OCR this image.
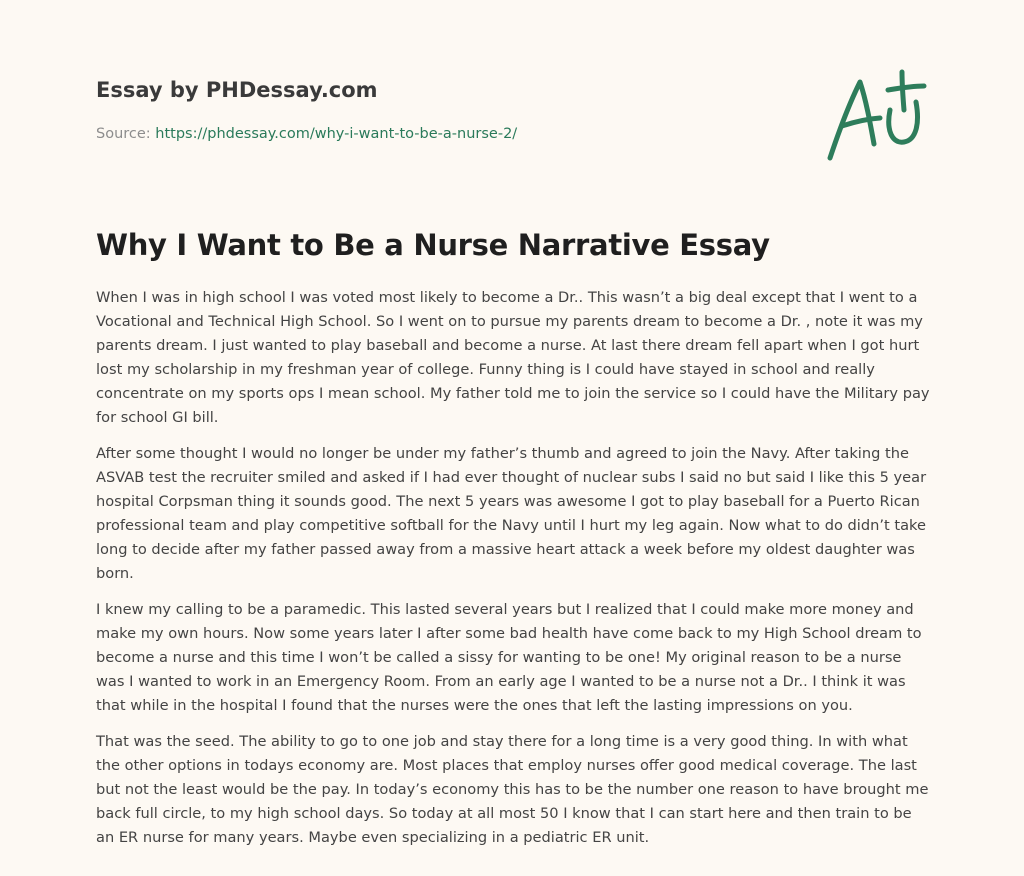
Essay by PHDessay.com
Source: https://phdessay.com/why-i-want-to-be-a-nurse-2/
Why I Want to Be a Nurse Narrative Essay

When I was in high school I was voted most likely to become a Dr.. This wasn’t a big deal except that I went to a Vocational and Technical High School. So I went on to pursue my parents dream to become a Dr. , note it was my parents dream. I just wanted to play baseball and become a nurse. At last there dream fell apart when I got hurt lost my scholarship in my freshman year of college. Funny thing is I could have stayed in school and really concentrate on my sports ops I mean school. My father told me to join the service so I could have the Military pay for school GI bill.

After some thought I would no longer be under my father’s thumb and agreed to join the Navy. After taking the ASVAB test the recruiter smiled and asked if I had ever thought of nuclear subs I said no but said I like this 5 year hospital Corpsman thing it sounds good. The next 5 years was awesome I got to play baseball for a Puerto Rican professional team and play competitive softball for the Navy until I hurt my leg again. Now what to do didn’t take long to decide after my father passed away from a massive heart attack a week before my oldest daughter was born.

I knew my calling to be a paramedic. This lasted several years but I realized that I could make more money and make my own hours. Now some years later I after some bad health have come back to my High School dream to become a nurse and this time I won’t be called a sissy for wanting to be one! My original reason to be a nurse was I wanted to work in an Emergency Room. From an early age I wanted to be a nurse not a Dr.. I think it was that while in the hospital I found that the nurses were the ones that left the lasting impressions on you.

That was the seed. The ability to go to one job and stay there for a long time is a very good thing. In with what the other options in todays economy are. Most places that employ nurses offer good medical coverage. The last but not the least would be the pay. In today’s economy this has to be the number one reason to have brought me back full circle, to my high school days. So today at all most 50 I know that I can start here and then train to be an ER nurse for many years. Maybe even specializing in a pediatric ER unit.
